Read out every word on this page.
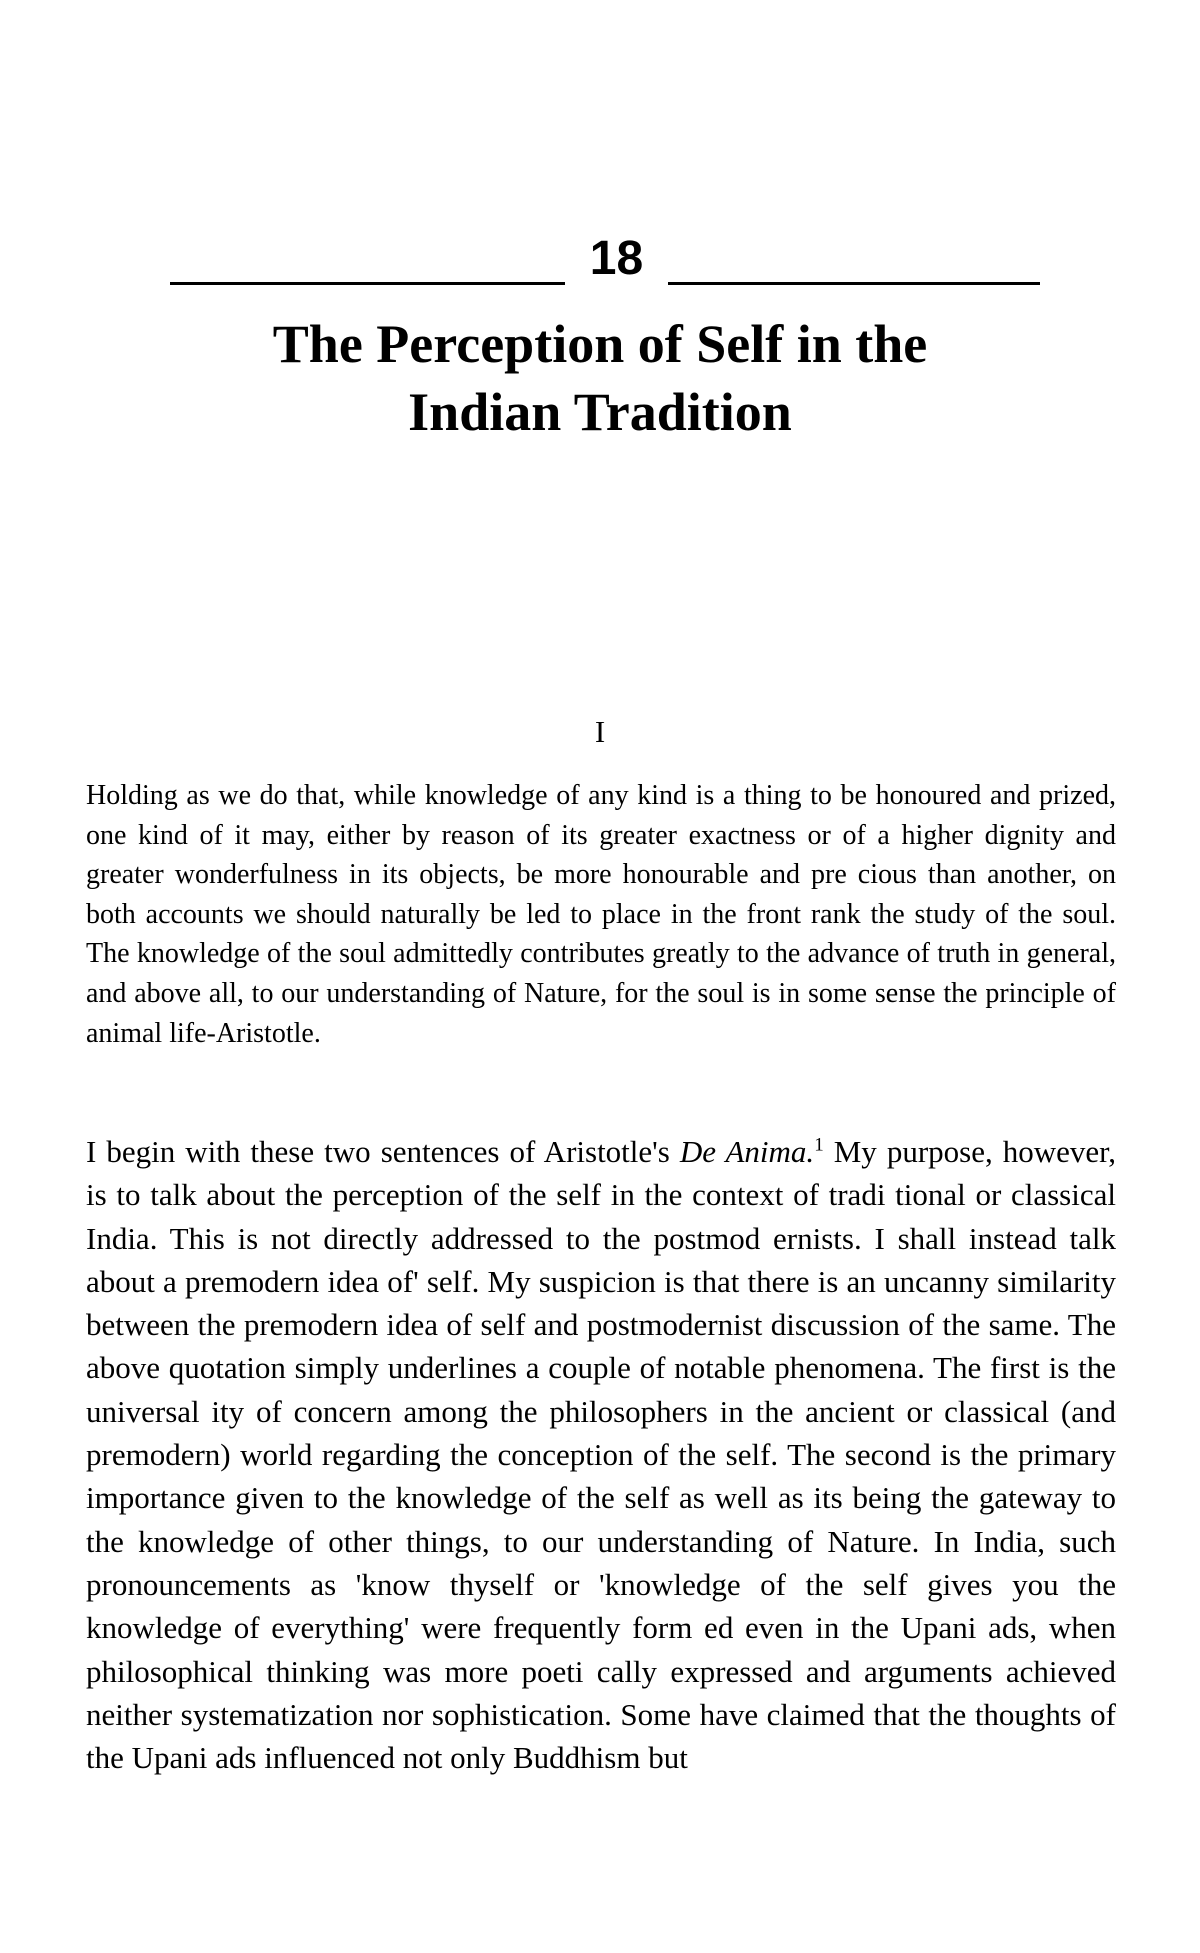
18
The Perception of Self in the
Indian Tradition
I

Holding as we do that, while knowledge of any kind is a thing to be honoured and prized, one kind of it may, either by reason of its greater exactness or of a higher dignity and greater wonderfulness in its objects, be more honourable and pre cious than another, on both accounts we should naturally be led to place in the front rank the study of the soul. The knowledge of the soul admittedly contributes greatly to the advance of truth in general, and above all, to our understanding of Nature, for the soul is in some sense the principle of animal life-Aristotle.

I begin with these two sentences of Aristotle's De Anima.$^1$ My purpose, however, is to talk about the perception of the self in the context of tradi tional or classical India. This is not directly addressed to the postmod ernists. I shall instead talk about a premodern idea of' self. My suspicion is that there is an uncanny similarity between the premodern idea of self and postmodernist discussion of the same. The above quotation simply underlines a couple of notable phenomena. The first is the universal ity of concern among the philosophers in the ancient or classical (and premodern) world regarding the conception of the self. The second is the primary importance given to the knowledge of the self as well as its being the gateway to the knowledge of other things, to our understanding of Nature. In India, such pronouncements as 'know thyself or 'knowledge of the self gives you the knowledge of everything' were frequently form ed even in the Upani ads, when philosophical thinking was more poeti cally expressed and arguments achieved neither systematization nor sophistication. Some have claimed that the thoughts of the Upani ads influenced not only Buddhism but
